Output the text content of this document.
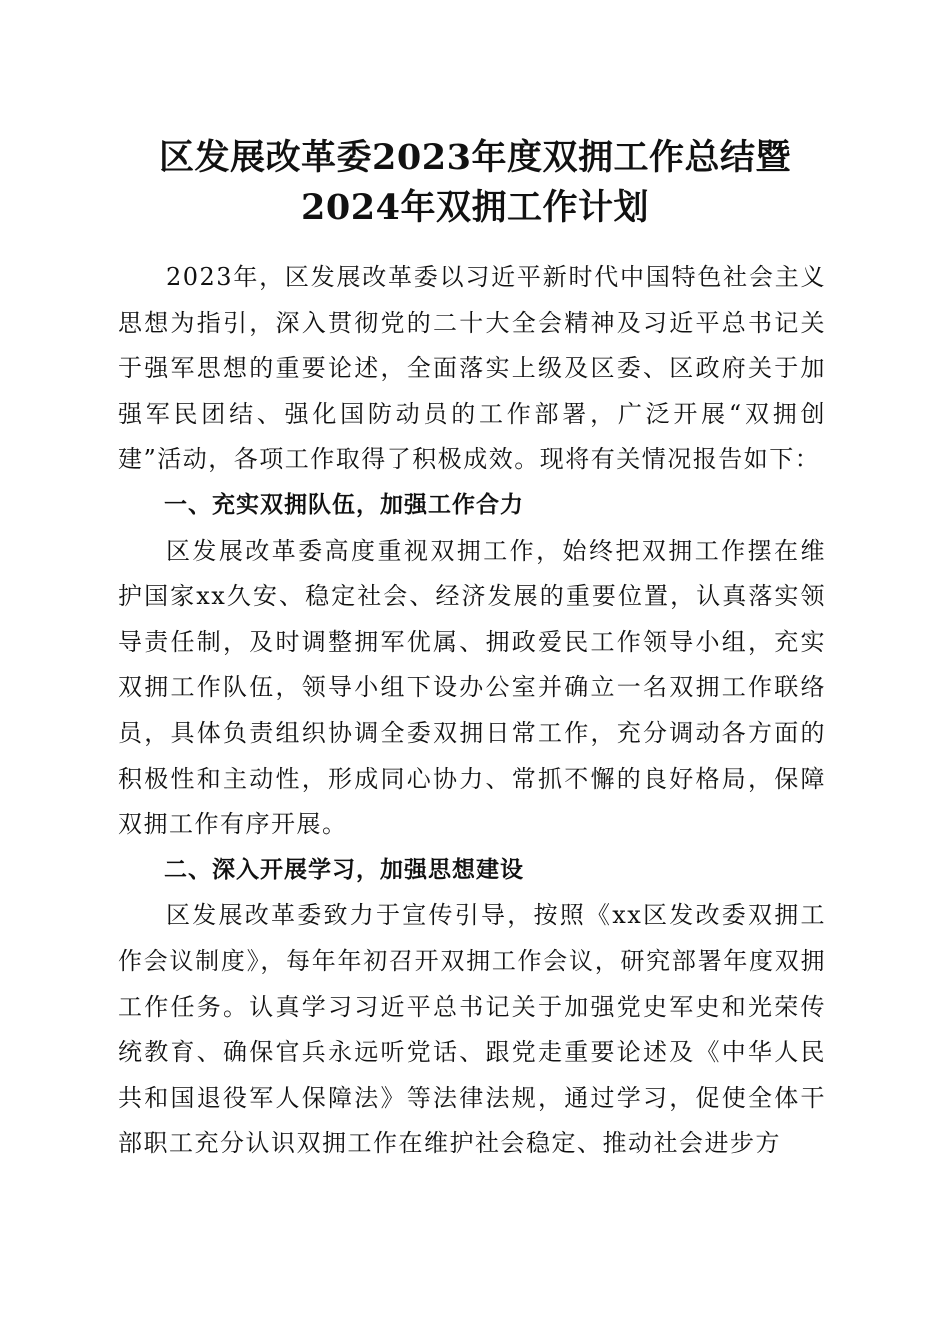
区发展改革委2023年度双拥工作总结暨2024年双拥工作计划

2023年，区发展改革委以习近平新时代中国特色社会主义思想为指引，深入贯彻党的二十大全会精神及习近平总书记关于强军思想的重要论述，全面落实上级及区委、区政府关于加强军民团结、强化国防动员的工作部署，广泛开展“双拥创建”活动，各项工作取得了积极成效。现将有关情况报告如下：

一、充实双拥队伍，加强工作合力

区发展改革委高度重视双拥工作，始终把双拥工作摆在维护国家xx久安、稳定社会、经济发展的重要位置，认真落实领导责任制，及时调整拥军优属、拥政爱民工作领导小组，充实双拥工作队伍，领导小组下设办公室并确立一名双拥工作联络员，具体负责组织协调全委双拥日常工作，充分调动各方面的积极性和主动性，形成同心协力、常抓不懈的良好格局，保障双拥工作有序开展。

二、深入开展学习，加强思想建设

区发展改革委致力于宣传引导，按照《xx区发改委双拥工作会议制度》，每年年初召开双拥工作会议，研究部署年度双拥工作任务。认真学习习近平总书记关于加强党史军史和光荣传统教育、确保官兵永远听党话、跟党走重要论述及《中华人民共和国退役军人保障法》等法律法规，通过学习，促使全体干部职工充分认识双拥工作在维护社会稳定、推动社会进步方
